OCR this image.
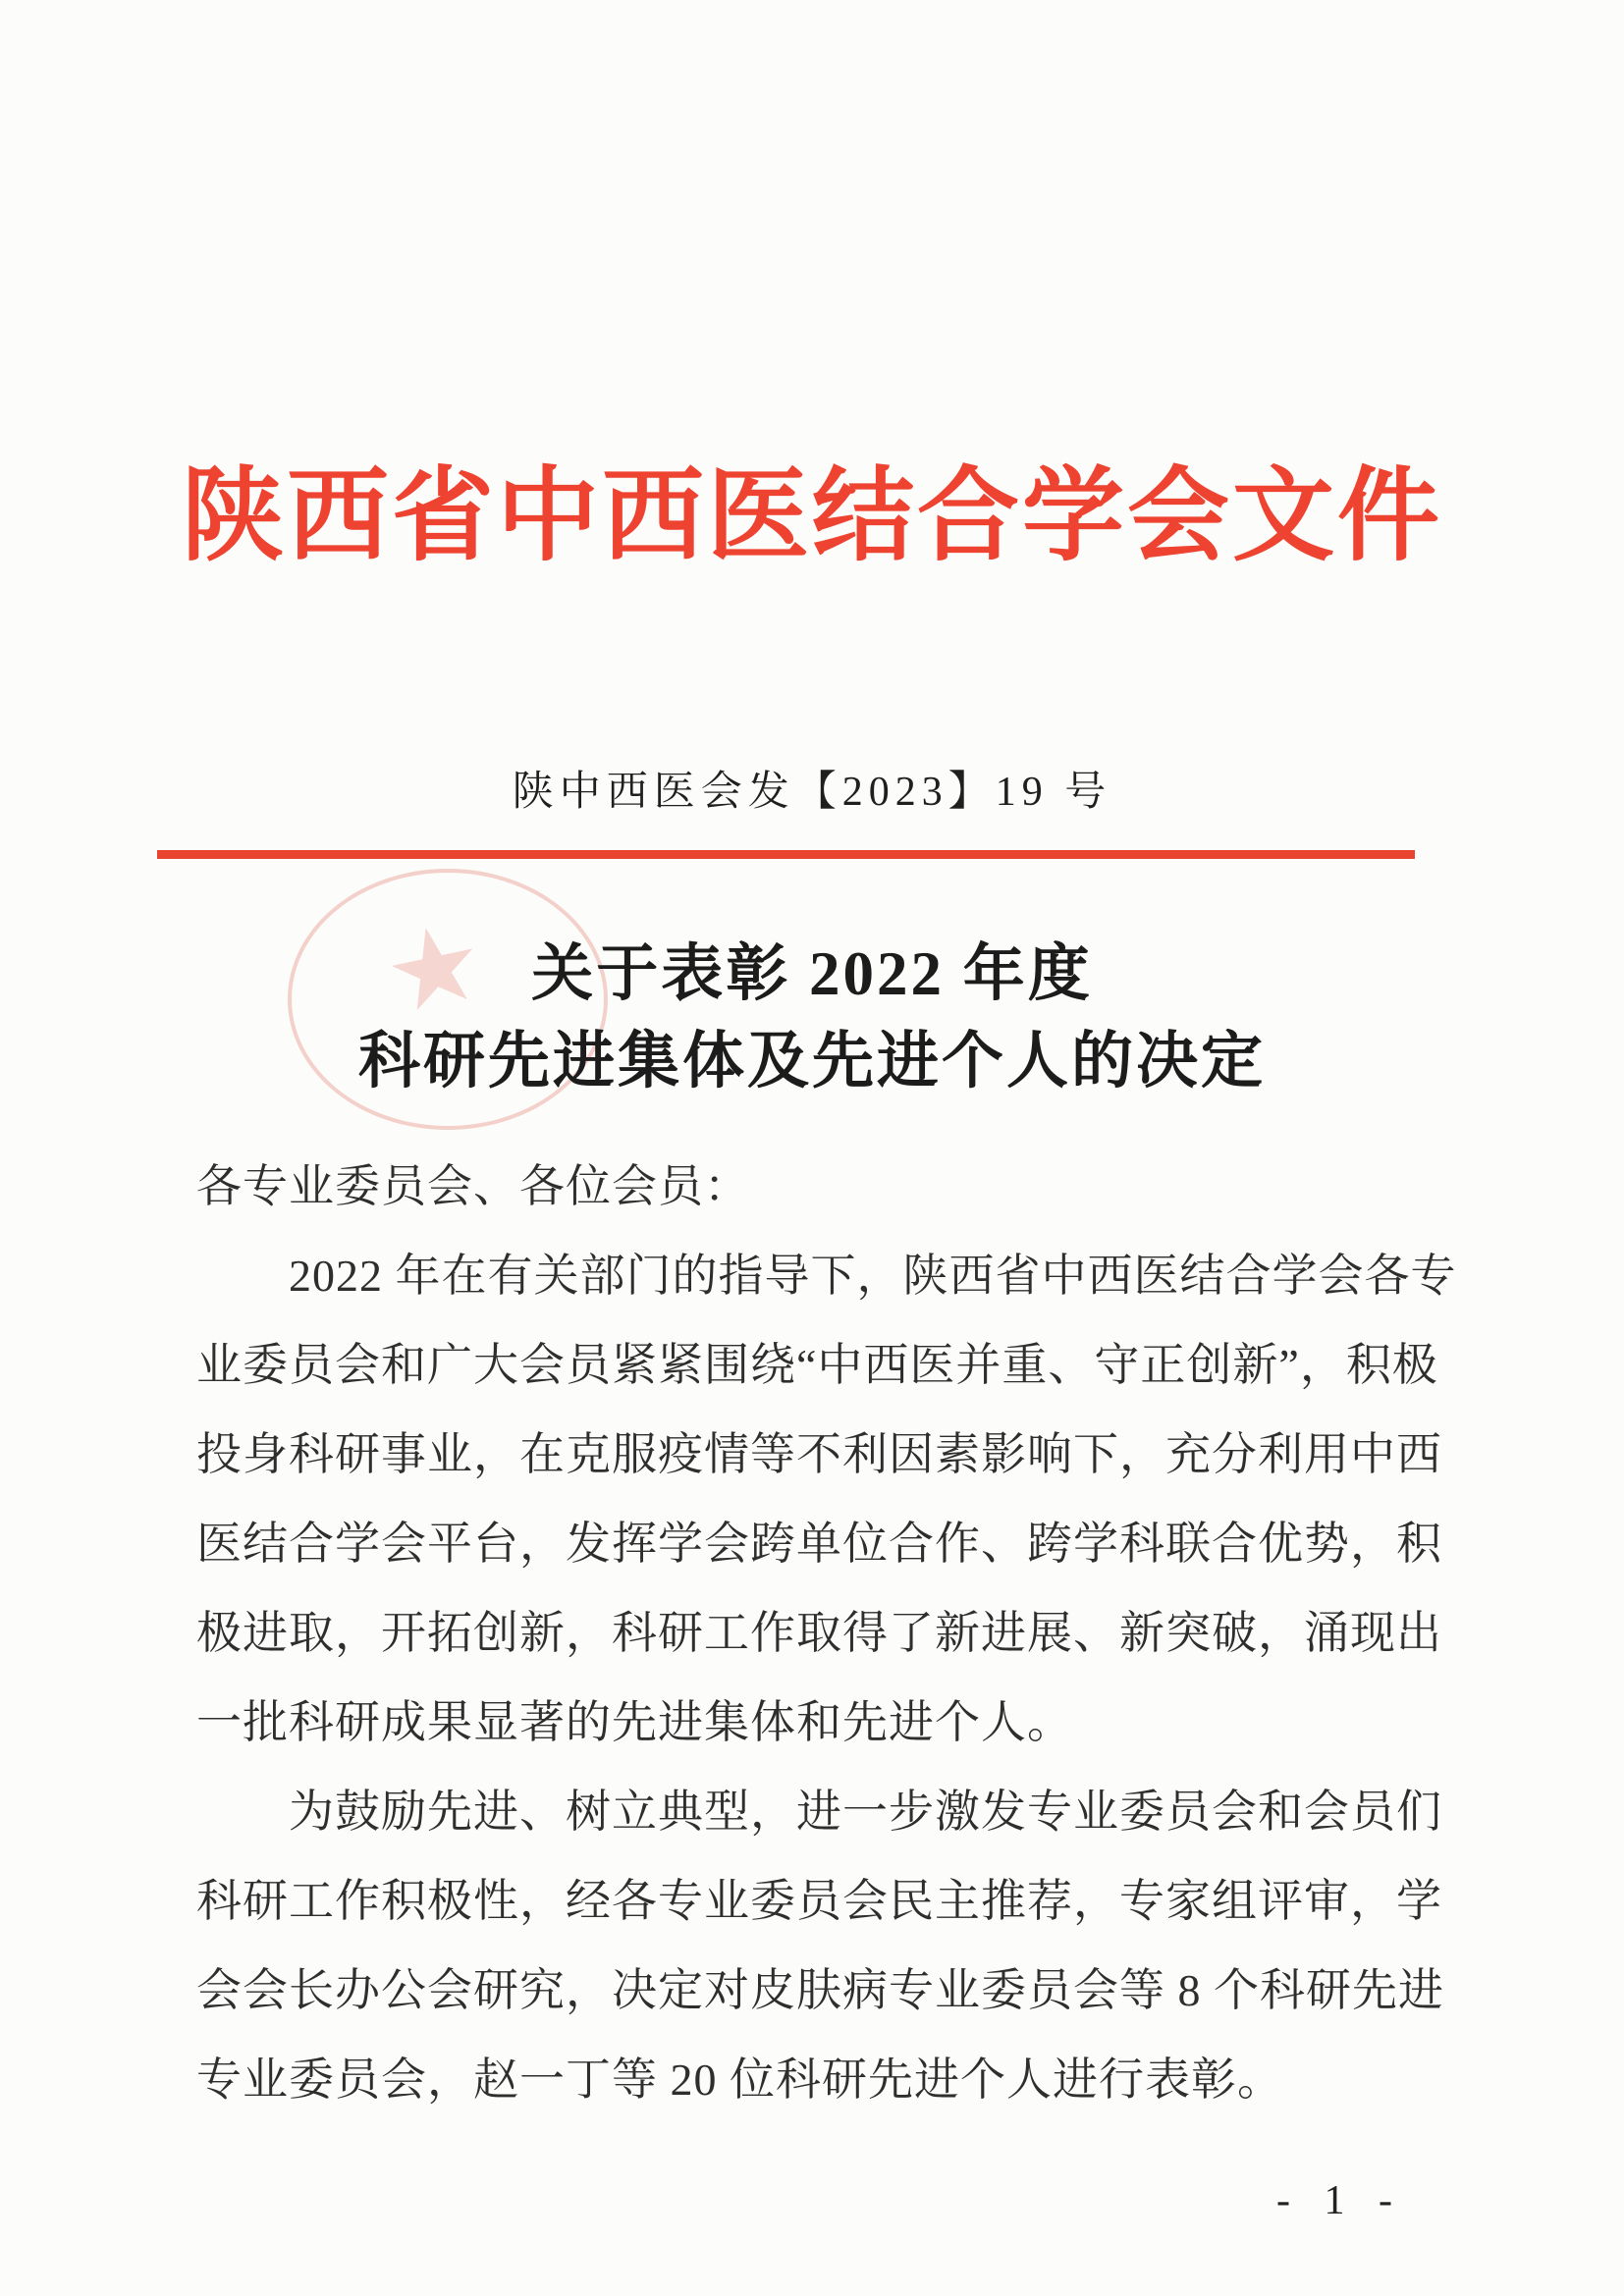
★
陕西省中西医结合学会文件
陕中西医会发【2023】19 号
关于表彰 2022 年度
科研先进集体及先进个人的决定
各专业委员会、各位会员：
2022 年在有关部门的指导下，陕西省中西医结合学会各专
业委员会和广大会员紧紧围绕“中西医并重、守正创新”，积极
投身科研事业，在克服疫情等不利因素影响下，充分利用中西
医结合学会平台，发挥学会跨单位合作、跨学科联合优势，积
极进取，开拓创新，科研工作取得了新进展、新突破，涌现出
一批科研成果显著的先进集体和先进个人。
为鼓励先进、树立典型，进一步激发专业委员会和会员们
科研工作积极性，经各专业委员会民主推荐，专家组评审，学
会会长办公会研究，决定对皮肤病专业委员会等 8 个科研先进
专业委员会，赵一丁等 20 位科研先进个人进行表彰。
- 1 -
